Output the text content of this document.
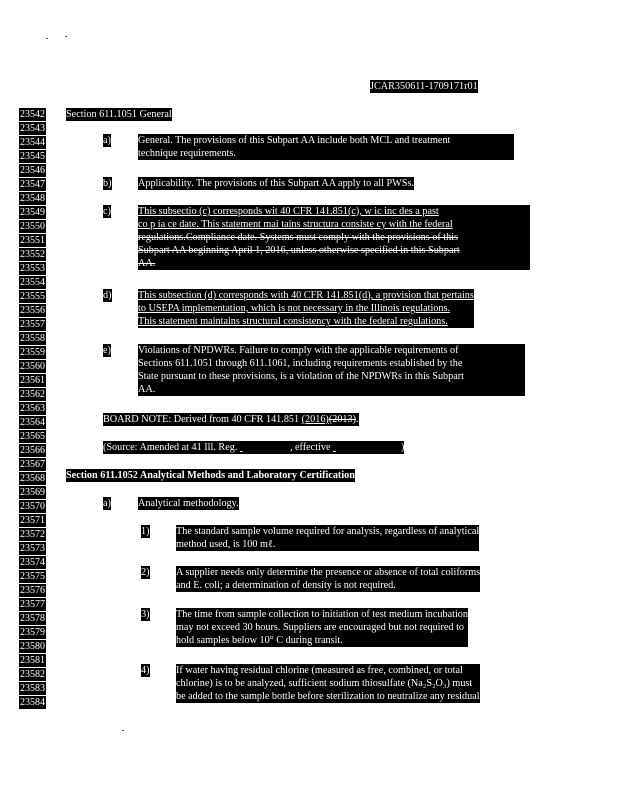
JCAR350611-1709171r01
23542
23543
23544
23545
23546
23547
23548
23549
23550
23551
23552
23553
23554
23555
23556
23557
23558
23559
23560
23561
23562
23563
23564
23565
23566
23567
23568
23569
23570
23571
23572
23573
23574
23575
23576
23577
23578
23579
23580
23581
23582
23583
23584
Section 611.1051 General
a)	General. The provisions of this Subpart AA include both MCL and treatment
technique requirements.
b)	Applicability. The provisions of this Subpart AA apply to all PWSs.
c)	This subsectio (c) corresponds wit 40 CFR 141.851(c), w ic inc des a past
co p ia ce date. This statement mai tains structura consiste cy with the federal
regulations.Compliance date. Systems must comply with the provisions of this
Subpart AA beginning April 1, 2016, unless otherwise specified in this Subpart
AA.
d)	This subsection (d) corresponds with 40 CFR 141.851(d), a provision that pertains
to USEPA implementation, which is not necessary in the Illinois regulations.
This statement maintains structural consistency with the federal regulations.
e)	Violations of NPDWRs. Failure to comply with the applicable requirements of
Sections 611.1051 through 611.1061, including requirements established by the
State pursuant to these provisions, is a violation of the NPDWRs in this Subpart
AA.
BOARD NOTE: Derived from 40 CFR 141.851 (2016)(2013).
(Source: Amended at 41 Ill. Reg.	, effective	)
Section 611.1052 Analytical Methods and Laboratory Certification
a)	Analytical methodology.
1)	The standard sample volume required for analysis, regardless of analytical
method used, is 100 mℓ.
2)	A supplier needs only determine the presence or absence of total coliforms
and E. coli; a determination of density is not required.
3)	The time from sample collection to initiation of test medium incubation
may not exceed 30 hours. Suppliers are encouraged but not required to
hold samples below 10° C during transit.
4)	If water having residual chlorine (measured as free, combined, or total
chlorine) is to be analyzed, sufficient sodium thiosulfate (Na₂S₂O₃) must
be added to the sample bottle before sterilization to neutralize any residual
